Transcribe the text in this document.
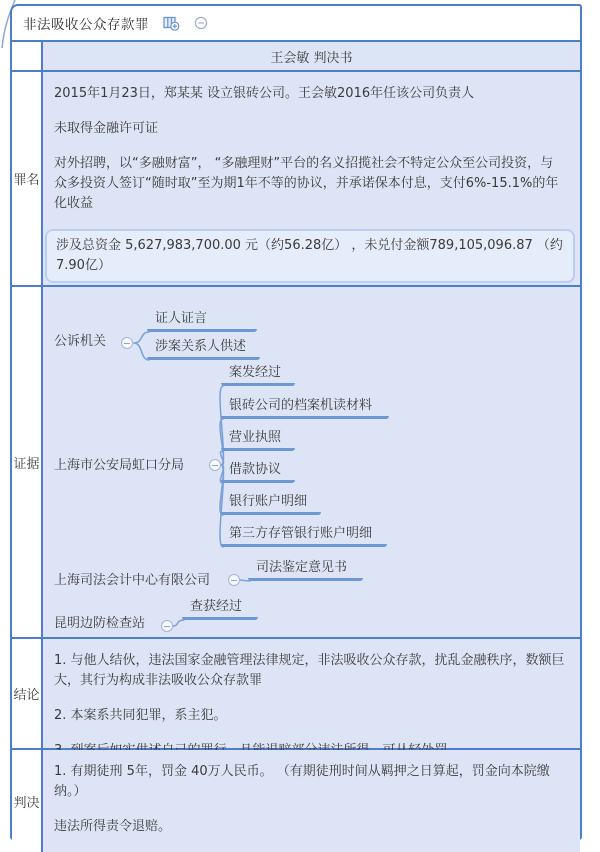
非法吸收公众存款罪
王会敏 判决书
罪名

2015年1月23日，郑某某 设立银砖公司。王会敏2016年任该公司负责人

未取得金融许可证

对外招聘，以“多融财富”， “多融理财”平台的名义招揽社会不特定公众至公司投资，与众多投资人签订“随时取”至为期1年不等的协议，并承诺保本付息，支付6%-15.1%的年化收益

涉及总资金 5,627,983,700.00 元（约56.28亿） ，未兑付金额789,105,096.87 （约7.90亿）

证据
公诉机关
证人证言
涉案关系人供述
上海市公安局虹口分局
案发经过
银砖公司的档案机读材料
营业执照
借款协议
银行账户明细
第三方存管银行账户明细
上海司法会计中心有限公司
司法鉴定意见书
昆明边防检查站
查获经过
结论

1. 与他人结伙，违法国家金融管理法律规定，非法吸收公众存款，扰乱金融秩序，数额巨大，其行为构成非法吸收公众存款罪

2. 本案系共同犯罪，系主犯。

判决

1. 有期徒刑 5年，罚金 40万人民币。 （有期徒刑时间从羁押之日算起，罚金向本院缴纳。）

违法所得责令退赔。
